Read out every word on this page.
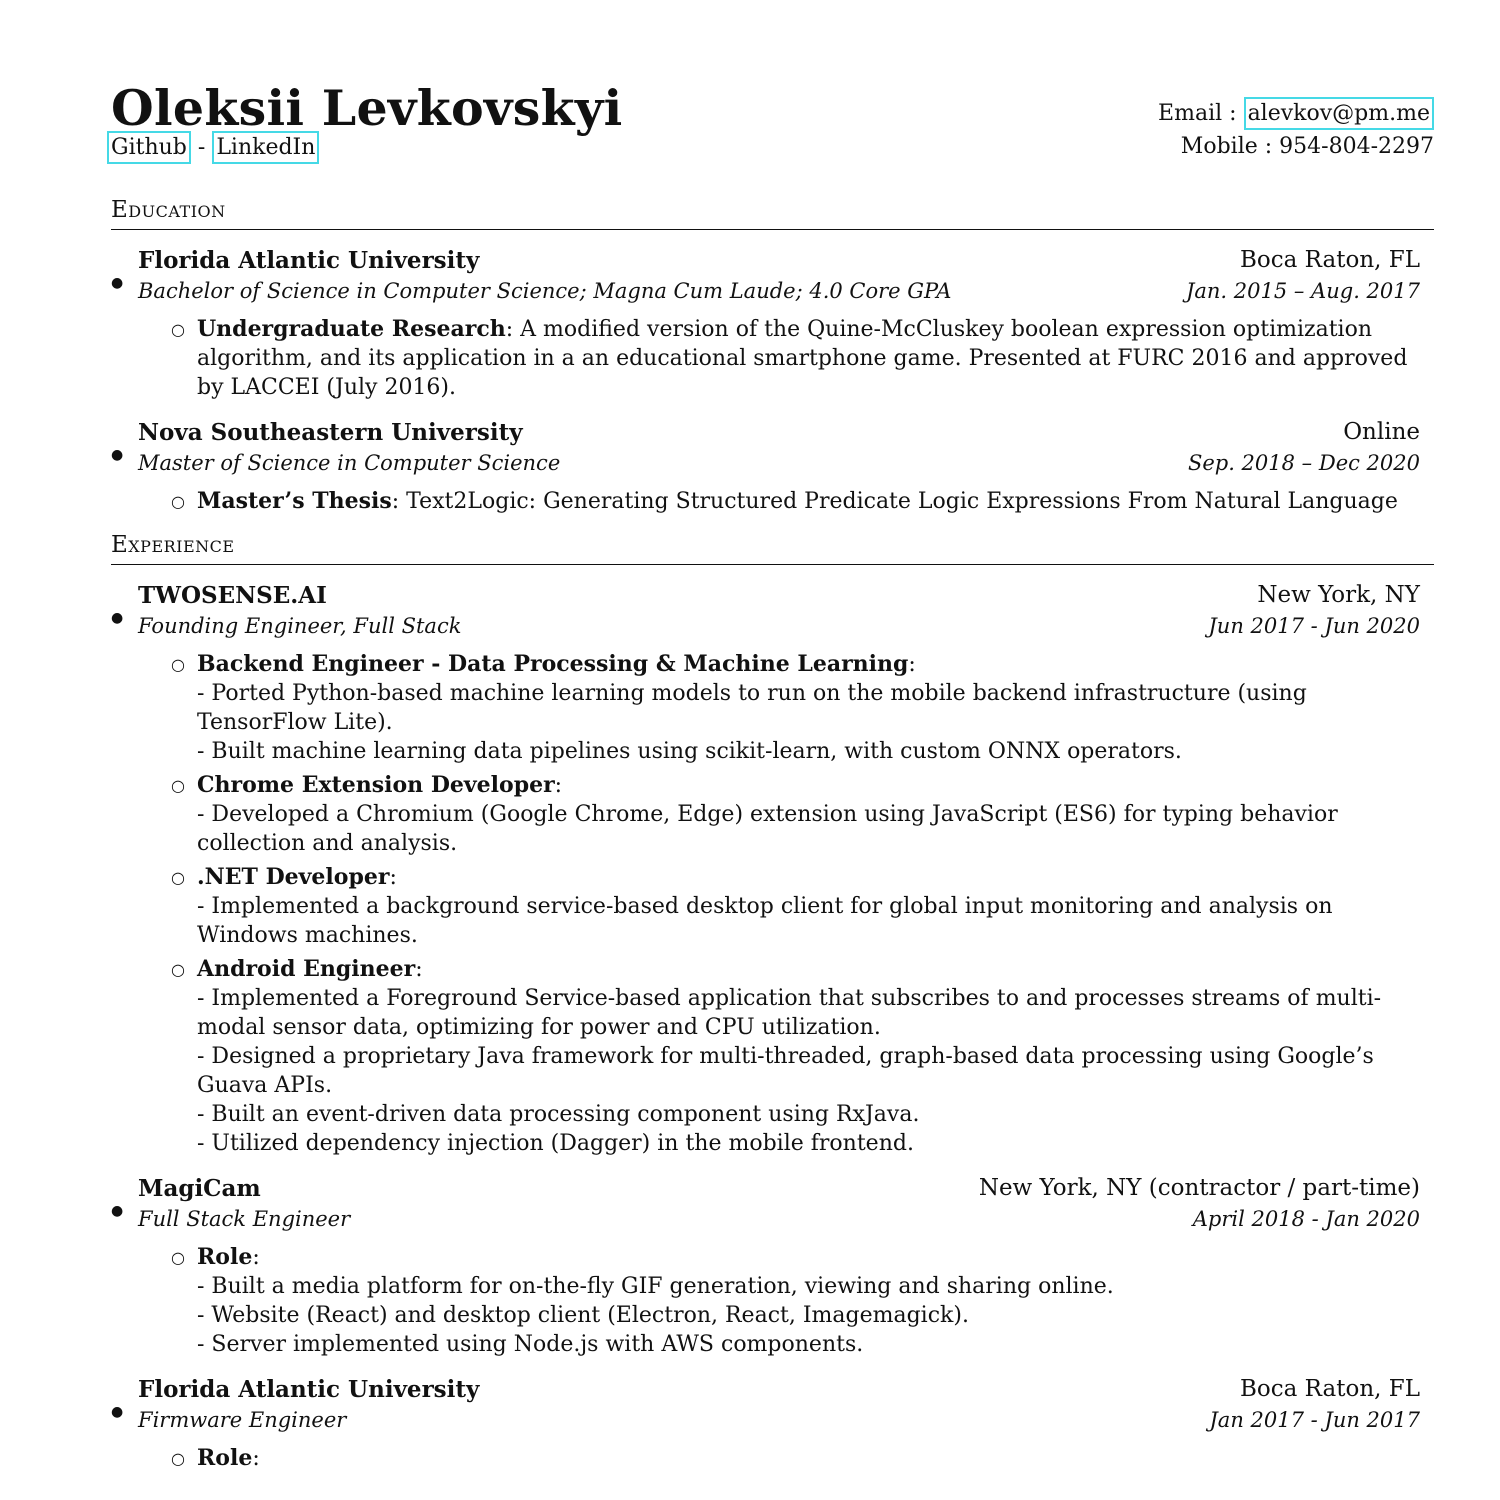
Oleksii Levkovskyi
Github - LinkedIn
Email : alevkov@pm.me
Mobile : 954-804-2297
Education
●
Florida Atlantic University	Boca Raton, FL
Bachelor of Science in Computer Science; Magna Cum Laude; 4.0 Core GPA	Jan. 2015 – Aug. 2017
○ Undergraduate Research: A modified version of the Quine-McCluskey boolean expression optimization algorithm, and its application in a an educational smartphone game. Presented at FURC 2016 and approved by LACCEI (July 2016).
●
Nova Southeastern University	Online
Master of Science in Computer Science	Sep. 2018 – Dec 2020
○ Master’s Thesis: Text2Logic: Generating Structured Predicate Logic Expressions From Natural Language
Experience
●
TWOSENSE.AI	New York, NY
Founding Engineer, Full Stack	Jun 2017 - Jun 2020
○ Backend Engineer - Data Processing & Machine Learning:
- Ported Python-based machine learning models to run on the mobile backend infrastructure (using TensorFlow Lite).
- Built machine learning data pipelines using scikit-learn, with custom ONNX operators.
○ Chrome Extension Developer:
- Developed a Chromium (Google Chrome, Edge) extension using JavaScript (ES6) for typing behavior collection and analysis.
○ .NET Developer:
- Implemented a background service-based desktop client for global input monitoring and analysis on Windows machines.
○ Android Engineer:
- Implemented a Foreground Service-based application that subscribes to and processes streams of multi-modal sensor data, optimizing for power and CPU utilization.
- Designed a proprietary Java framework for multi-threaded, graph-based data processing using Google’s Guava APIs.
- Built an event-driven data processing component using RxJava.
- Utilized dependency injection (Dagger) in the mobile frontend.
●
MagiCam	New York, NY (contractor / part-time)
Full Stack Engineer	April 2018 - Jan 2020
○ Role:
- Built a media platform for on-the-fly GIF generation, viewing and sharing online.
- Website (React) and desktop client (Electron, React, Imagemagick).
- Server implemented using Node.js with AWS components.
●
Florida Atlantic University	Boca Raton, FL
Firmware Engineer	Jan 2017 - Jun 2017
○ Role:
